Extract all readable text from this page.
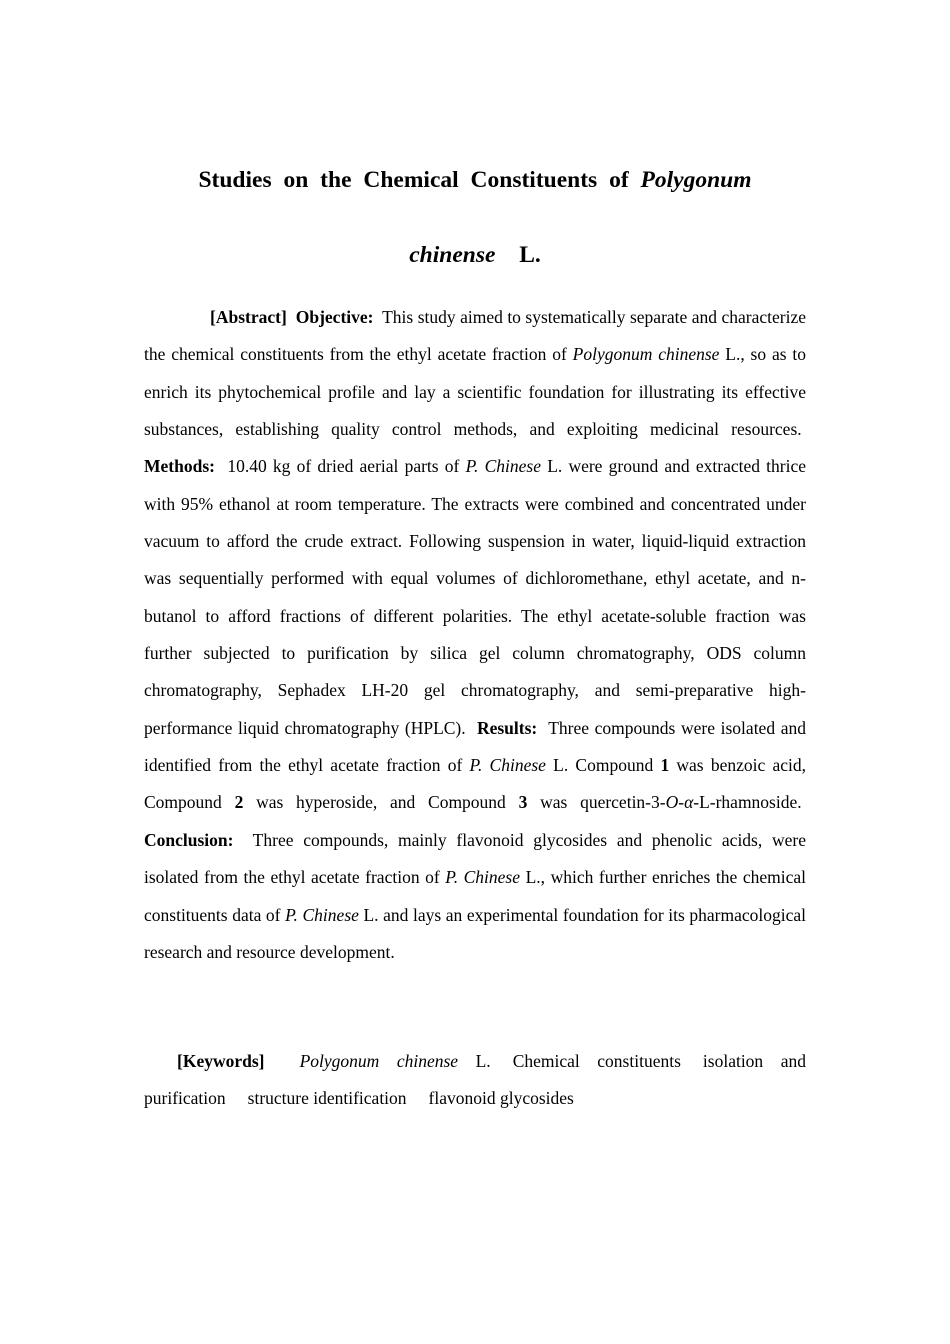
Studies on the Chemical Constituents of Polygonum
chinense L.
[Abstract] Objective: This study aimed to systematically separate and characterize the chemical constituents from the ethyl acetate fraction of Polygonum chinense L., so as to enrich its phytochemical profile and lay a scientific foundation for illustrating its effective substances, establishing quality control methods, and exploiting medicinal resources.  Methods: 10.40 kg of dried aerial parts of P. Chinese L. were ground and extracted thrice with 95% ethanol at room temperature. The extracts were combined and concentrated under vacuum to afford the crude extract. Following suspension in water, liquid-liquid extraction was sequentially performed with equal volumes of dichloromethane, ethyl acetate, and n-butanol to afford fractions of different polarities. The ethyl acetate-soluble fraction was further subjected to purification by silica gel column chromatography, ODS column chromatography, Sephadex LH-20 gel chromatography, and semi-preparative high-performance liquid chromatography (HPLC). Results: Three compounds were isolated and identified from the ethyl acetate fraction of P. Chinese L. Compound 1 was benzoic acid, Compound 2 was hyperoside, and Compound 3 was quercetin-3-O-α-L-rhamnoside.  Conclusion: Three compounds, mainly flavonoid glycosides and phenolic acids, were isolated from the ethyl acetate fraction of P. Chinese L., which further enriches the chemical constituents data of P. Chinese L. and lays an experimental foundation for its pharmacological research and resource development.
[Keywords] Polygonum chinense L. Chemical constituents isolation and purification structure identification flavonoid glycosides
